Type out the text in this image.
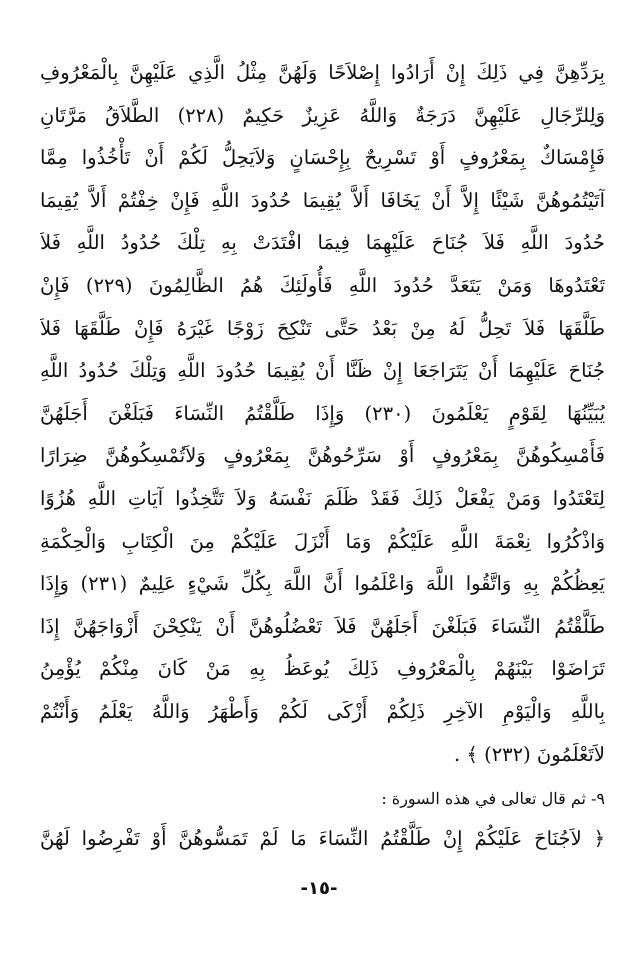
بِرَدِّهِنَّ فِي ذَلِكَ إِنْ أَرَادُوا إِصْلاَحًا وَلَهُنَّ مِثْلُ الَّذِي عَلَيْهِنَّ بِالْمَعْرُوفِ
وَلِلرِّجَالِ عَلَيْهِنَّ دَرَجَةٌ وَاللَّهُ عَزِيزٌ حَكِيمٌ (٢٢٨) الطَّلاَقُ مَرَّتَانِ
فَإِمْسَاكٌ بِمَعْرُوفٍ أَوْ تَسْرِيحٌ بِإِحْسَانٍ وَلاَيَحِلُّ لَكُمْ أَنْ تَأْخُذُوا مِمَّا
آتَيْتُمُوهُنَّ شَيْئًا إِلاَّ أَنْ يَخَافَا أَلاَّ يُقِيمَا حُدُودَ اللَّهِ فَإِنْ خِفْتُمْ أَلاَّ يُقِيمَا
حُدُودَ اللَّهِ فَلاَ جُنَاحَ عَلَيْهِمَا فِيمَا افْتَدَتْ بِهِ تِلْكَ حُدُودُ اللَّهِ فَلاَ
تَعْتَدُوهَا وَمَنْ يَتَعَدَّ حُدُودَ اللَّهِ فَأُولَئِكَ هُمُ الظَّالِمُونَ (٢٢٩) فَإِنْ
طَلَّقَهَا فَلاَ تَحِلُّ لَهُ مِنْ بَعْدُ حَتَّى تَنْكِحَ زَوْجًا غَيْرَهُ فَإِنْ طَلَّقَهَا فَلاَ
جُنَاحَ عَلَيْهِمَا أَنْ يَتَرَاجَعَا إِنْ ظَنَّا أَنْ يُقِيمَا حُدُودَ اللَّهِ وَتِلْكَ حُدُودُ اللَّهِ
يُبَيِّنُهَا لِقَوْمٍ يَعْلَمُونَ (٢٣٠) وَإِذَا طَلَّقْتُمُ النِّسَاءَ فَبَلَغْنَ أَجَلَهُنَّ
فَأَمْسِكُوهُنَّ بِمَعْرُوفٍ أَوْ سَرِّحُوهُنَّ بِمَعْرُوفٍ وَلاَتُمْسِكُوهُنَّ ضِرَارًا
لِتَعْتَدُوا وَمَنْ يَفْعَلْ ذَلِكَ فَقَدْ ظَلَمَ نَفْسَهُ وَلاَ تَتَّخِذُوا آيَاتِ اللَّهِ هُزُوًا
وَاذْكُرُوا نِعْمَةَ اللَّهِ عَلَيْكُمْ وَمَا أَنْزَلَ عَلَيْكُمْ مِنَ الْكِتَابِ وَالْحِكْمَةِ
يَعِظُكُمْ بِهِ وَاتَّقُوا اللَّهَ وَاعْلَمُوا أَنَّ اللَّهَ بِكُلِّ شَيْءٍ عَلِيمٌ (٢٣١) وَإِذَا
طَلَّقْتُمُ النِّسَاءَ فَبَلَغْنَ أَجَلَهُنَّ فَلاَ تَعْضُلُوهُنَّ أَنْ يَنْكِحْنَ أَزْوَاجَهُنَّ إِذَا
تَرَاضَوْا بَيْنَهُمْ بِالْمَعْرُوفِ ذَلِكَ يُوعَظُ بِهِ مَنْ كَانَ مِنْكُمْ يُؤْمِنُ
بِاللَّهِ وَالْيَوْمِ الآخِرِ ذَلِكُمْ أَزْكَى لَكُمْ وَأَطْهَرُ وَاللَّهُ يَعْلَمُ وَأَنْتُمْ
لاَتَعْلَمُونَ (٢٣٢) ﴾ .
٩- ثم قال تعالى في هذه السورة :
﴿ لاَجُنَاحَ عَلَيْكُمْ إِنْ طَلَّقْتُمُ النِّسَاءَ مَا لَمْ تَمَسُّوهُنَّ أَوْ تَفْرِضُوا لَهُنَّ
-١٥-
